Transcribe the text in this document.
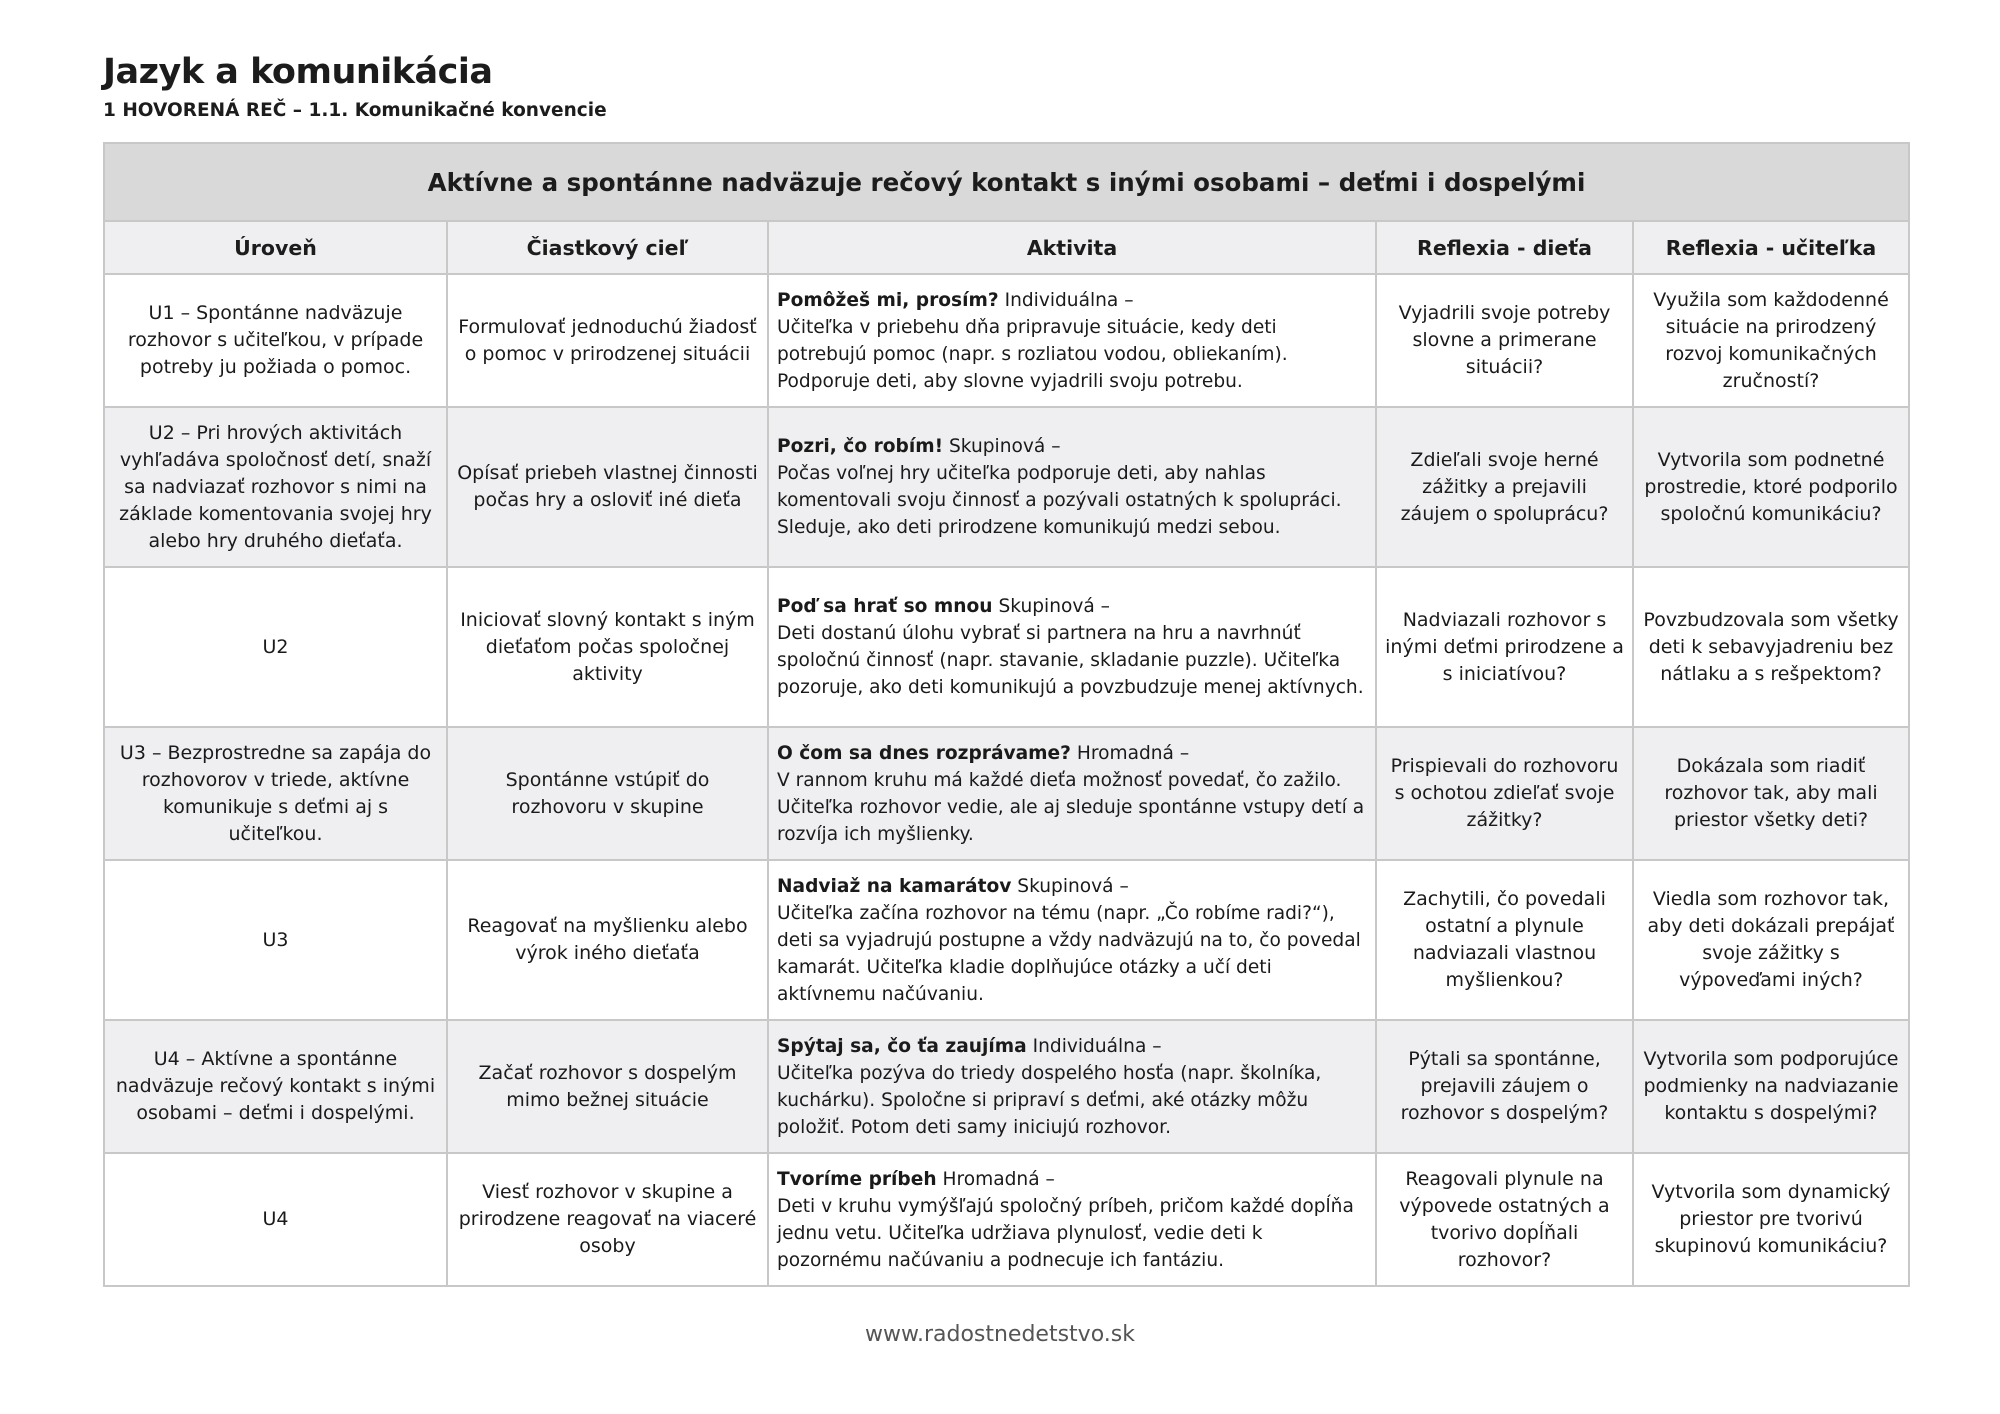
Jazyk a komunikácia
1 HOVORENÁ REČ – 1.1. Komunikačné konvencie
Aktívne a spontánne nadväzuje rečový kontakt s inými osobami – deťmi i dospelými				
Úroveň	Čiastkový cieľ	Aktivita	Reflexia - dieťa	Reflexia - učiteľka
U1 – Spontánne nadväzuje rozhovor s učiteľkou, v prípade potreby ju požiada o pomoc.	Formulovať jednoduchú žiadosť o pomoc v prirodzenej situácii	Pomôžeš mi, prosím? Individuálna –
Učiteľka v priebehu dňa pripravuje situácie, kedy deti potrebujú pomoc (napr. s rozliatou vodou, obliekaním). Podporuje deti, aby slovne vyjadrili svoju potrebu.	Vyjadrili svoje potreby slovne a primerane situácii?	Využila som každodenné situácie na prirodzený rozvoj komunikačných zručností?
U2 – Pri hrových aktivitách vyhľadáva spoločnosť detí, snaží sa nadviazať rozhovor s nimi na základe komentovania svojej hry alebo hry druhého dieťaťa.	Opísať priebeh vlastnej činnosti počas hry a osloviť iné dieťa	Pozri, čo robím! Skupinová –
Počas voľnej hry učiteľka podporuje deti, aby nahlas komentovali svoju činnosť a pozývali ostatných k spolupráci. Sleduje, ako deti prirodzene komunikujú medzi sebou.	Zdieľali svoje herné zážitky a prejavili záujem o spoluprácu?	Vytvorila som podnetné prostredie, ktoré podporilo spoločnú komunikáciu?
U2	Iniciovať slovný kontakt s iným dieťaťom počas spoločnej aktivity	Poď sa hrať so mnou Skupinová –
Deti dostanú úlohu vybrať si partnera na hru a navrhnúť spoločnú činnosť (napr. stavanie, skladanie puzzle). Učiteľka pozoruje, ako deti komunikujú a povzbudzuje menej aktívnych.	Nadviazali rozhovor s inými deťmi prirodzene a s iniciatívou?	Povzbudzovala som všetky deti k sebavyjadreniu bez nátlaku a s rešpektom?
U3 – Bezprostredne sa zapája do rozhovorov v triede, aktívne komunikuje s deťmi aj s učiteľkou.	Spontánne vstúpiť do rozhovoru v skupine	O čom sa dnes rozprávame? Hromadná –
V rannom kruhu má každé dieťa možnosť povedať, čo zažilo. Učiteľka rozhovor vedie, ale aj sleduje spontánne vstupy detí a rozvíja ich myšlienky.	Prispievali do rozhovoru s ochotou zdieľať svoje zážitky?	Dokázala som riadiť rozhovor tak, aby mali priestor všetky deti?
U3	Reagovať na myšlienku alebo výrok iného dieťaťa	Nadviaž na kamarátov Skupinová –
Učiteľka začína rozhovor na tému (napr. „Čo robíme radi?“), deti sa vyjadrujú postupne a vždy nadväzujú na to, čo povedal kamarát. Učiteľka kladie doplňujúce otázky a učí deti aktívnemu načúvaniu.	Zachytili, čo povedali ostatní a plynule nadviazali vlastnou myšlienkou?	Viedla som rozhovor tak, aby deti dokázali prepájať svoje zážitky s výpoveďami iných?
U4 – Aktívne a spontánne nadväzuje rečový kontakt s inými osobami – deťmi i dospelými.	Začať rozhovor s dospelým mimo bežnej situácie	Spýtaj sa, čo ťa zaujíma Individuálna –
Učiteľka pozýva do triedy dospelého hosťa (napr. školníka, kuchárku). Spoločne si pripraví s deťmi, aké otázky môžu položiť. Potom deti samy iniciujú rozhovor.	Pýtali sa spontánne, prejavili záujem o rozhovor s dospelým?	Vytvorila som podporujúce podmienky na nadviazanie kontaktu s dospelými?
U4	Viesť rozhovor v skupine a prirodzene reagovať na viaceré osoby	Tvoríme príbeh Hromadná –
Deti v kruhu vymýšľajú spoločný príbeh, pričom každé dopĺňa jednu vetu. Učiteľka udržiava plynulosť, vedie deti k pozornému načúvaniu a podnecuje ich fantáziu.	Reagovali plynule na výpovede ostatných a tvorivo dopĺňali rozhovor?	Vytvorila som dynamický priestor pre tvorivú skupinovú komunikáciu?
www.radostnedetstvo.sk
